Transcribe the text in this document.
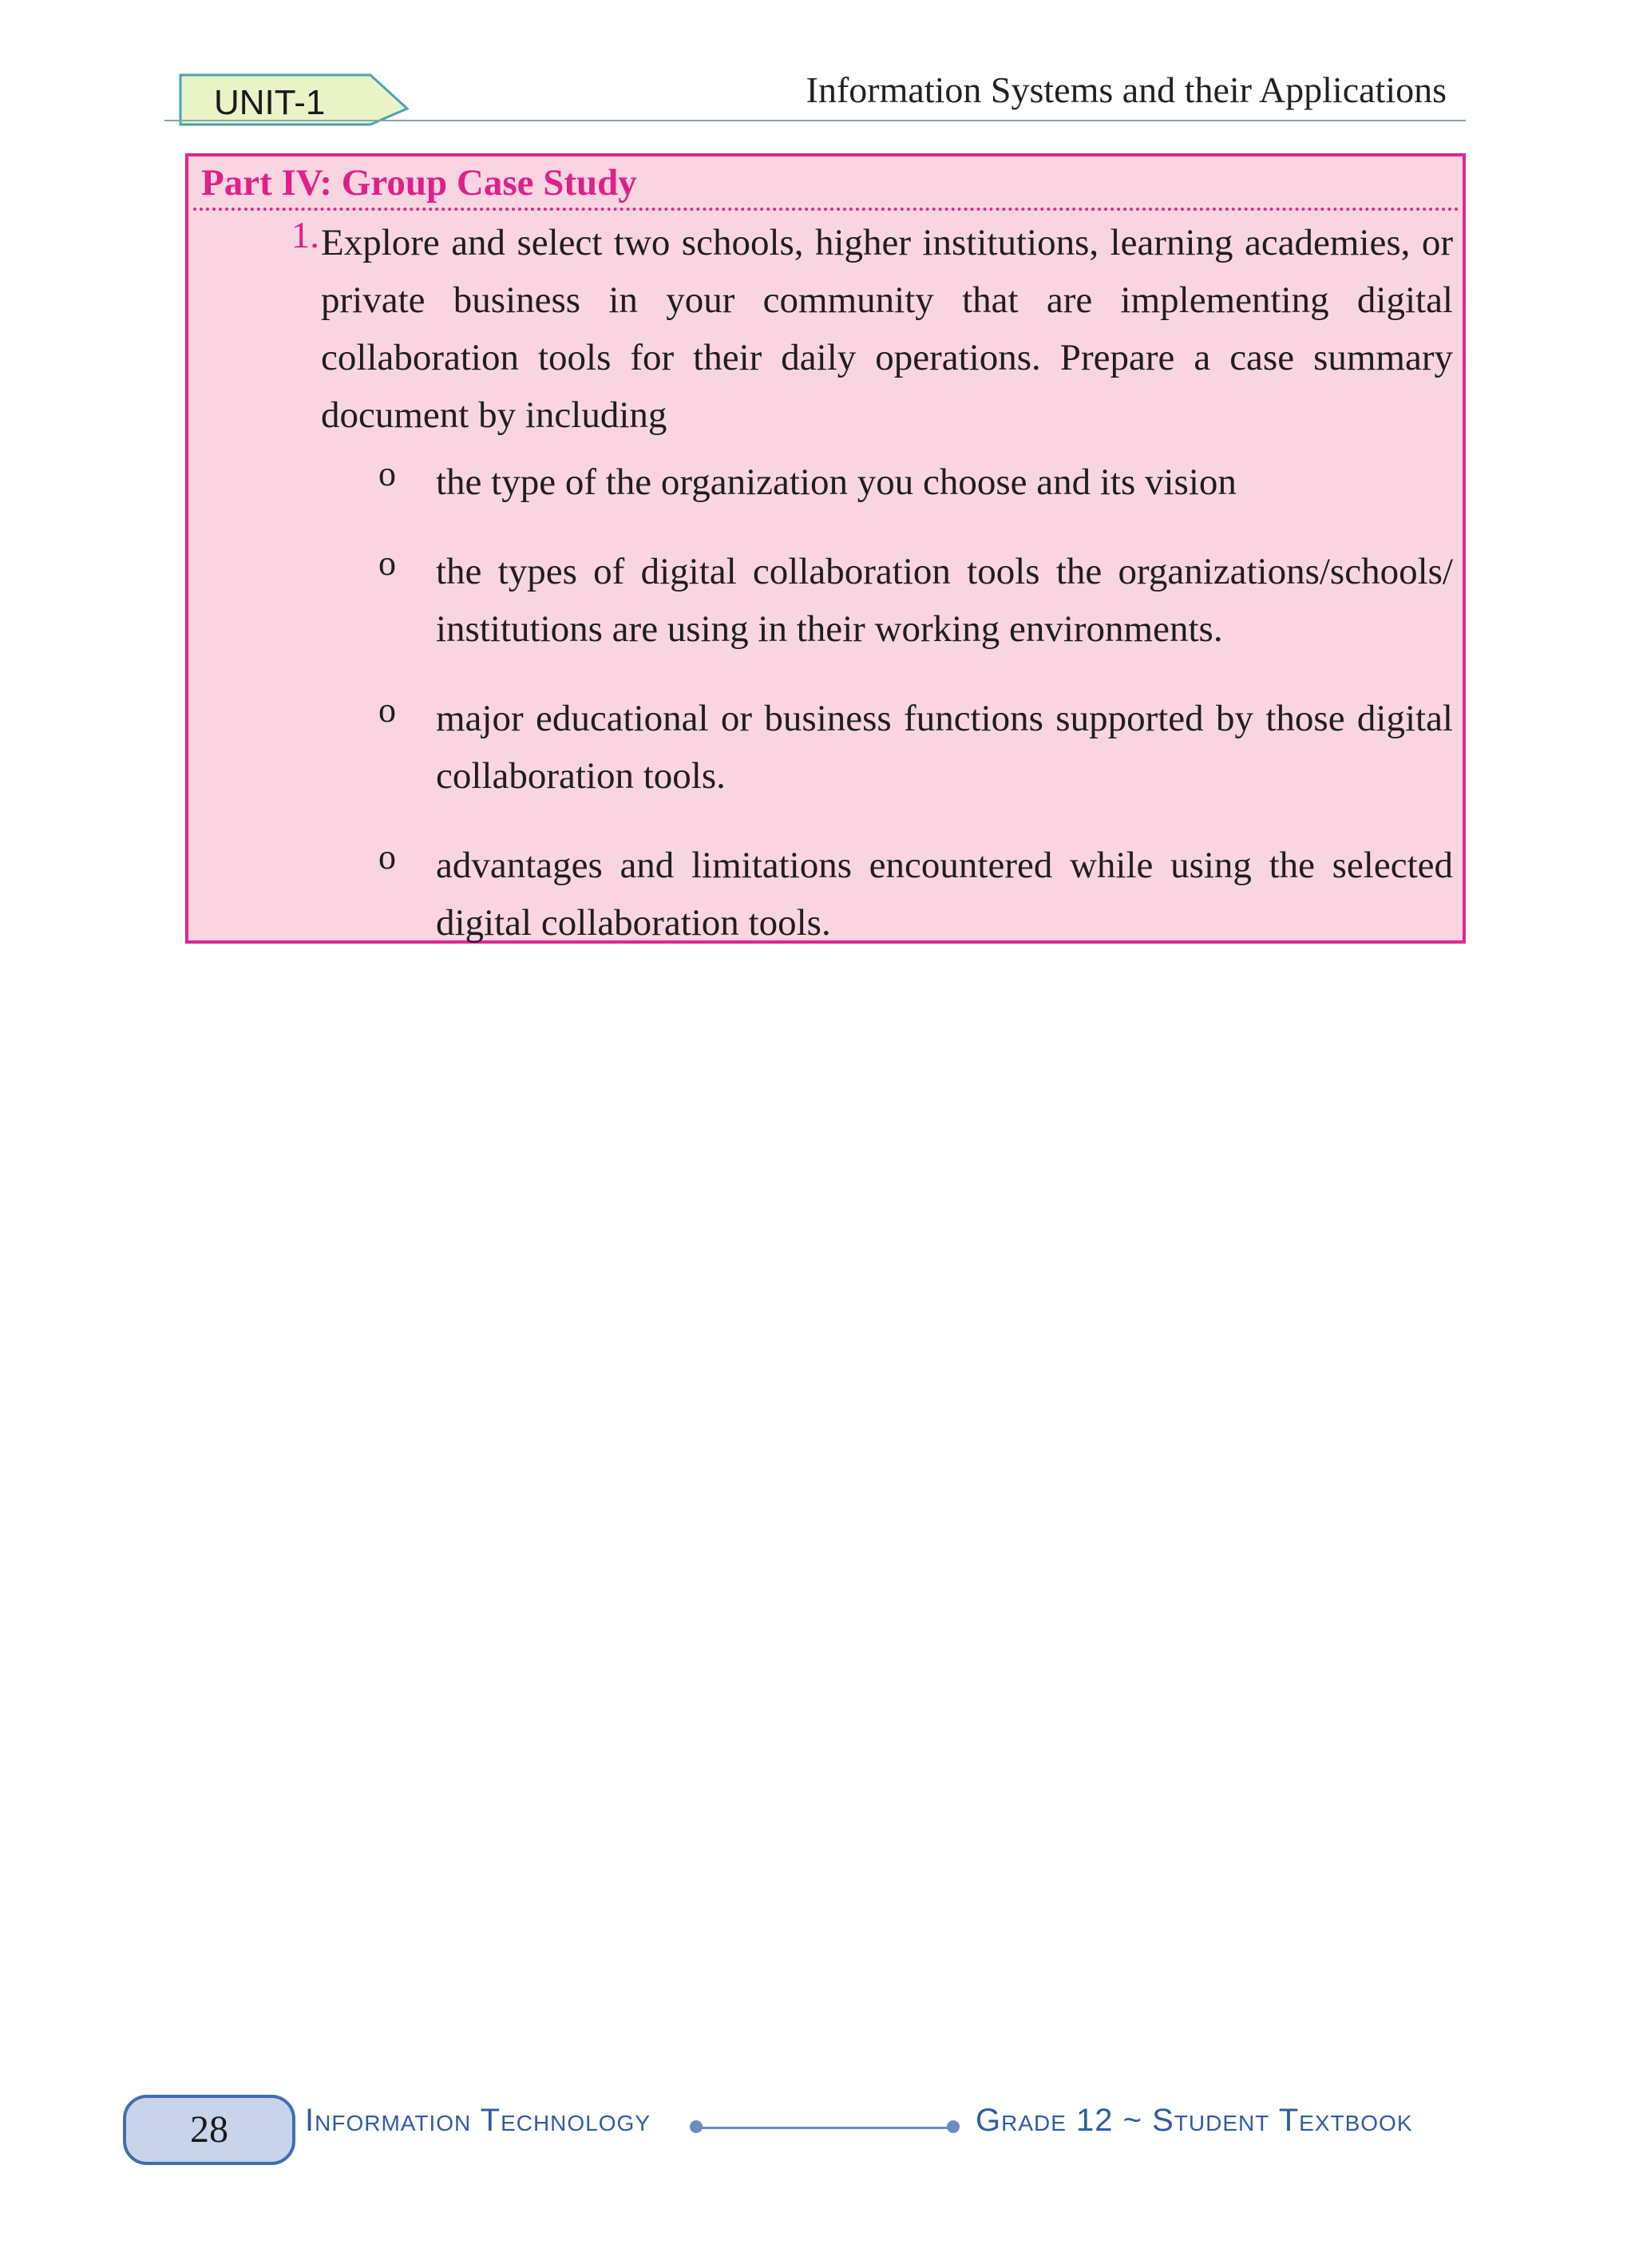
UNIT-1	Information Systems and their Applications
Part IV: Group Case Study
1. Explore and select two schools, higher institutions, learning academies, or private business in your community that are implementing digital collaboration tools for their daily operations. Prepare a case summary document by including
o the type of the organization you choose and its vision
o the types of digital collaboration tools the organizations/schools/ institutions are using in their working environments.
o major educational or business functions supported by those digital collaboration tools.
o advantages and limitations encountered while using the selected digital collaboration tools.
28	Information Technology	Grade 12 ~ Student Textbook
